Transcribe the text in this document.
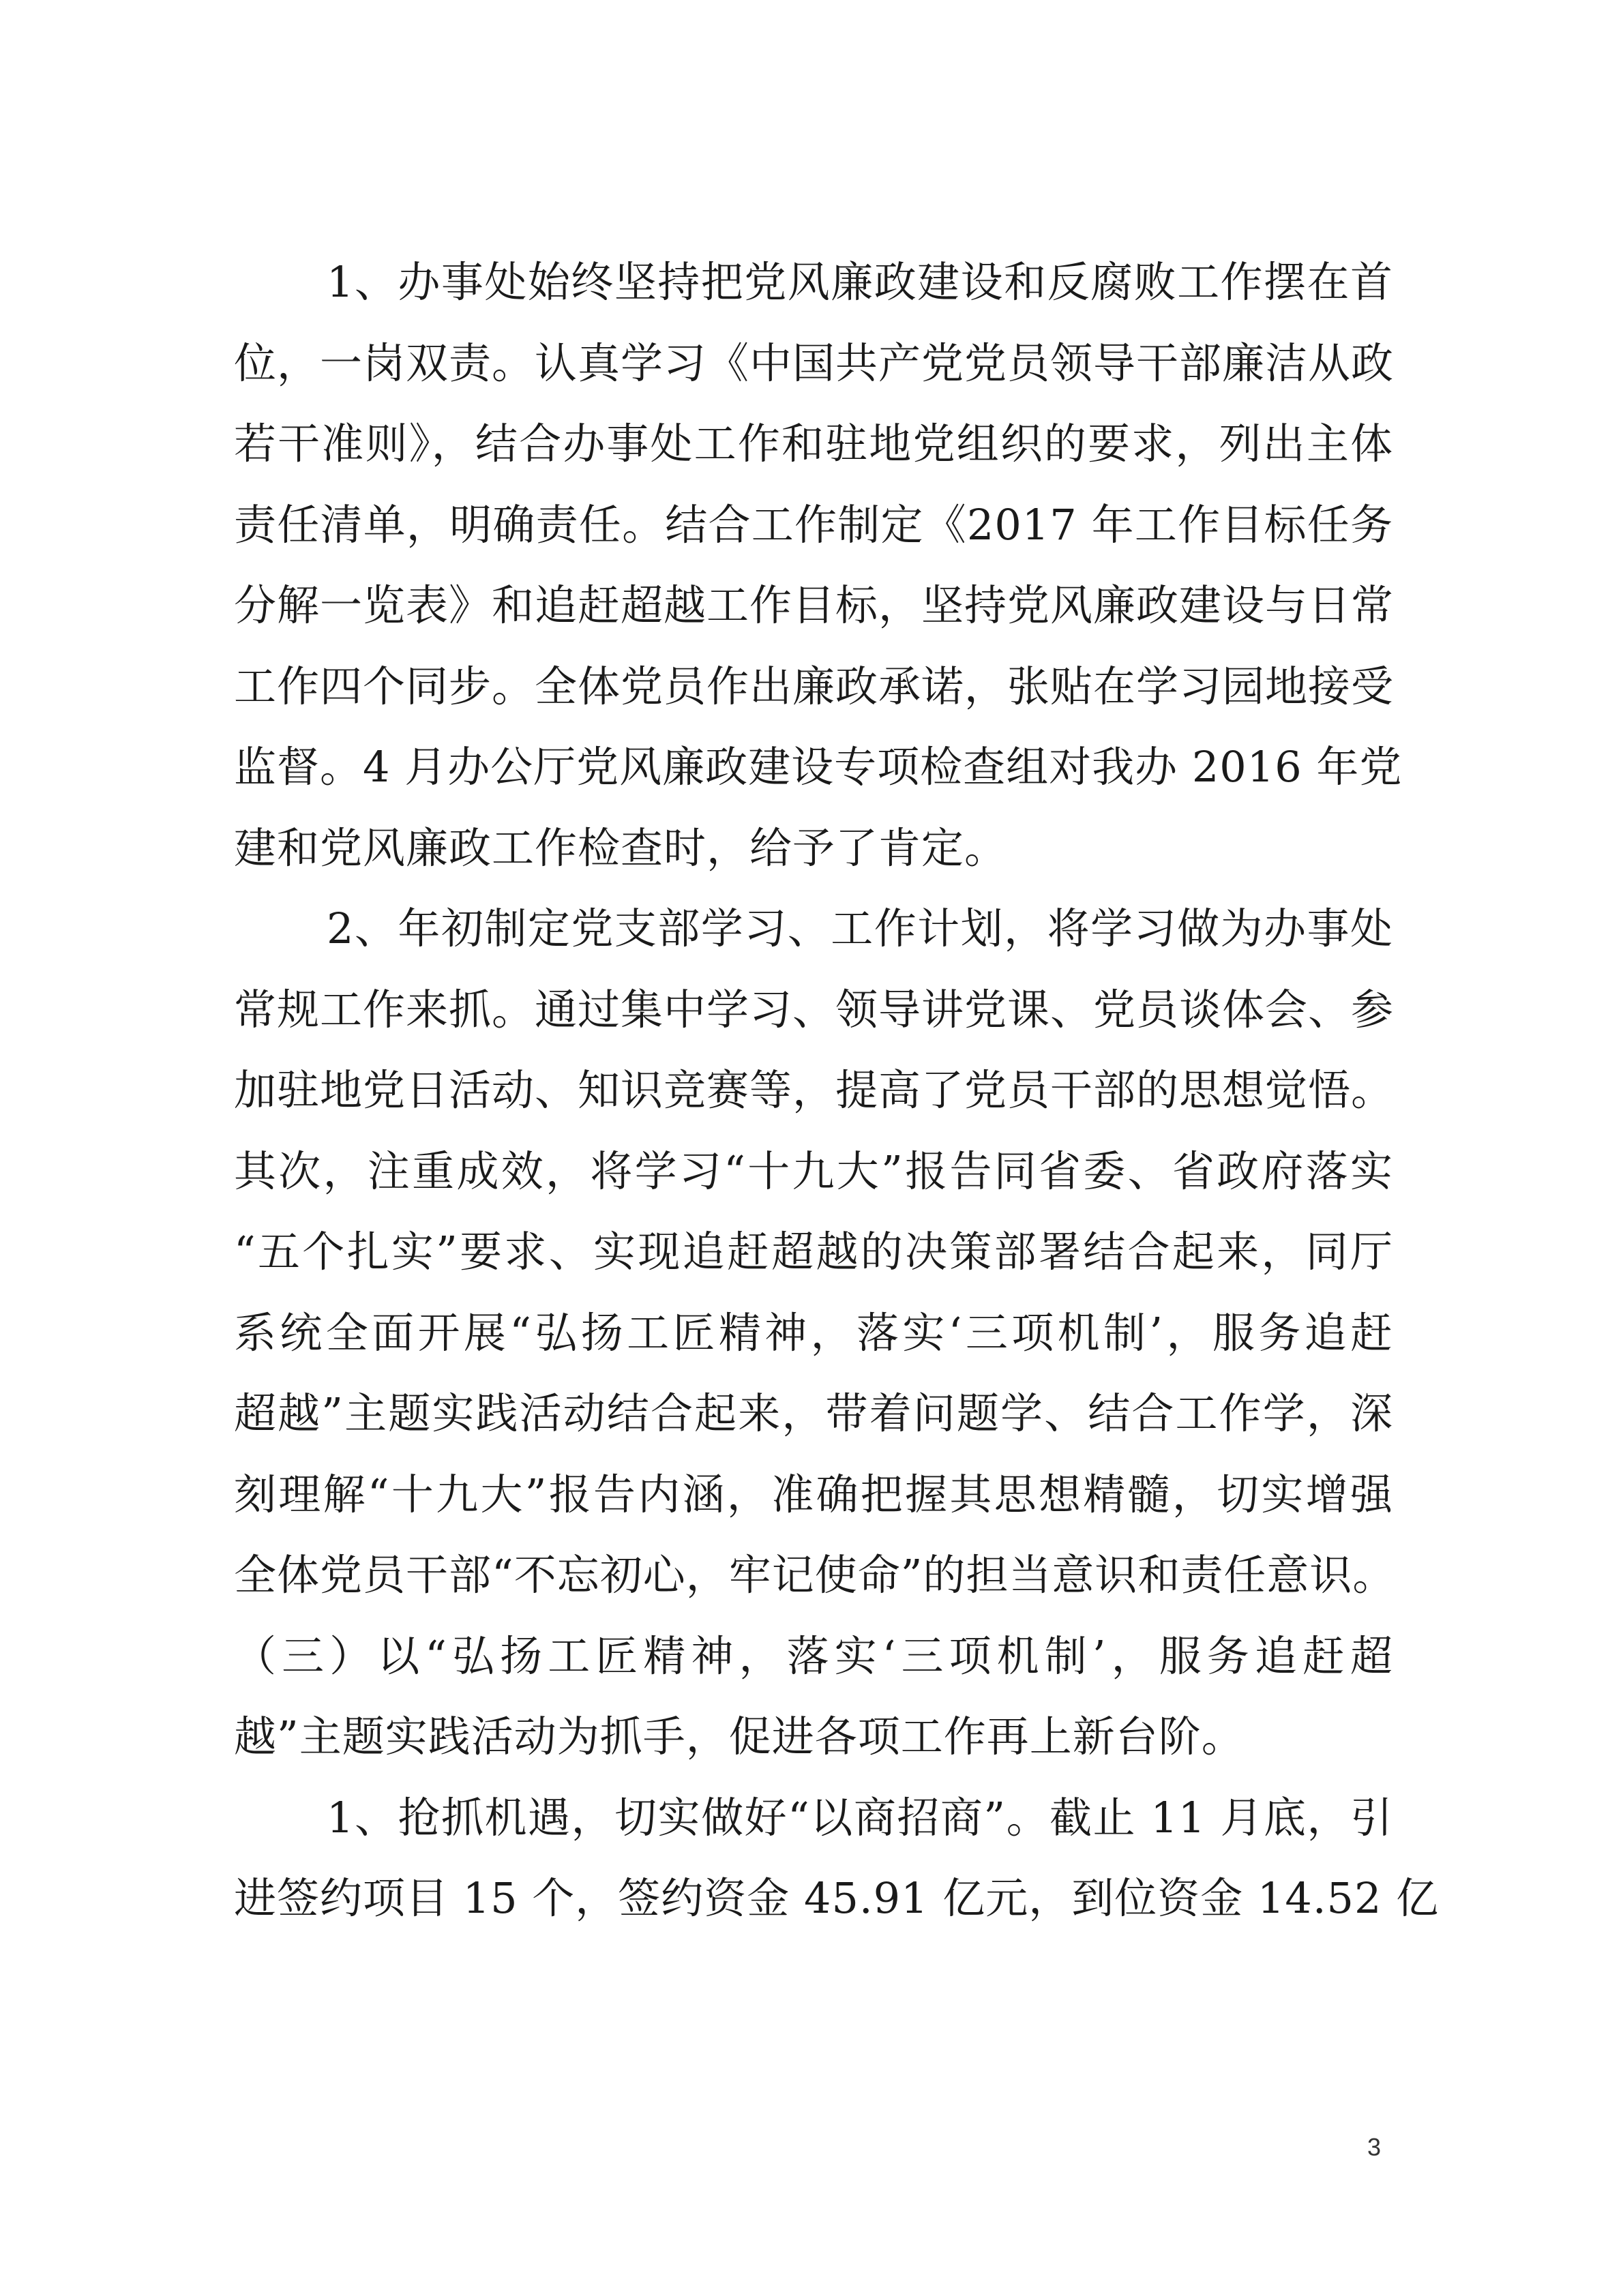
1、办事处始终坚持把党风廉政建设和反腐败工作摆在首
位，一岗双责。认真学习《中国共产党党员领导干部廉洁从政
若干准则》，结合办事处工作和驻地党组织的要求，列出主体
责任清单，明确责任。结合工作制定《2017 年工作目标任务
分解一览表》和追赶超越工作目标，坚持党风廉政建设与日常
工作四个同步。全体党员作出廉政承诺，张贴在学习园地接受
监督。4 月办公厅党风廉政建设专项检查组对我办 2016 年党
建和党风廉政工作检查时，给予了肯定。
2、年初制定党支部学习、工作计划，将学习做为办事处
常规工作来抓。通过集中学习、领导讲党课、党员谈体会、参
加驻地党日活动、知识竞赛等，提高了党员干部的思想觉悟。
其次，注重成效，将学习“十九大”报告同省委、省政府落实
“五个扎实”要求、实现追赶超越的决策部署结合起来，同厅
系统全面开展“弘扬工匠精神，落实‘三项机制’，服务追赶
超越”主题实践活动结合起来，带着问题学、结合工作学，深
刻理解“十九大”报告内涵，准确把握其思想精髓，切实增强
全体党员干部“不忘初心，牢记使命”的担当意识和责任意识。
（三）以“弘扬工匠精神，落实‘三项机制’，服务追赶超
越”主题实践活动为抓手，促进各项工作再上新台阶。
1、抢抓机遇，切实做好“以商招商”。截止 11 月底，引
进签约项目 15 个，签约资金 45.91 亿元，到位资金 14.52 亿
3
